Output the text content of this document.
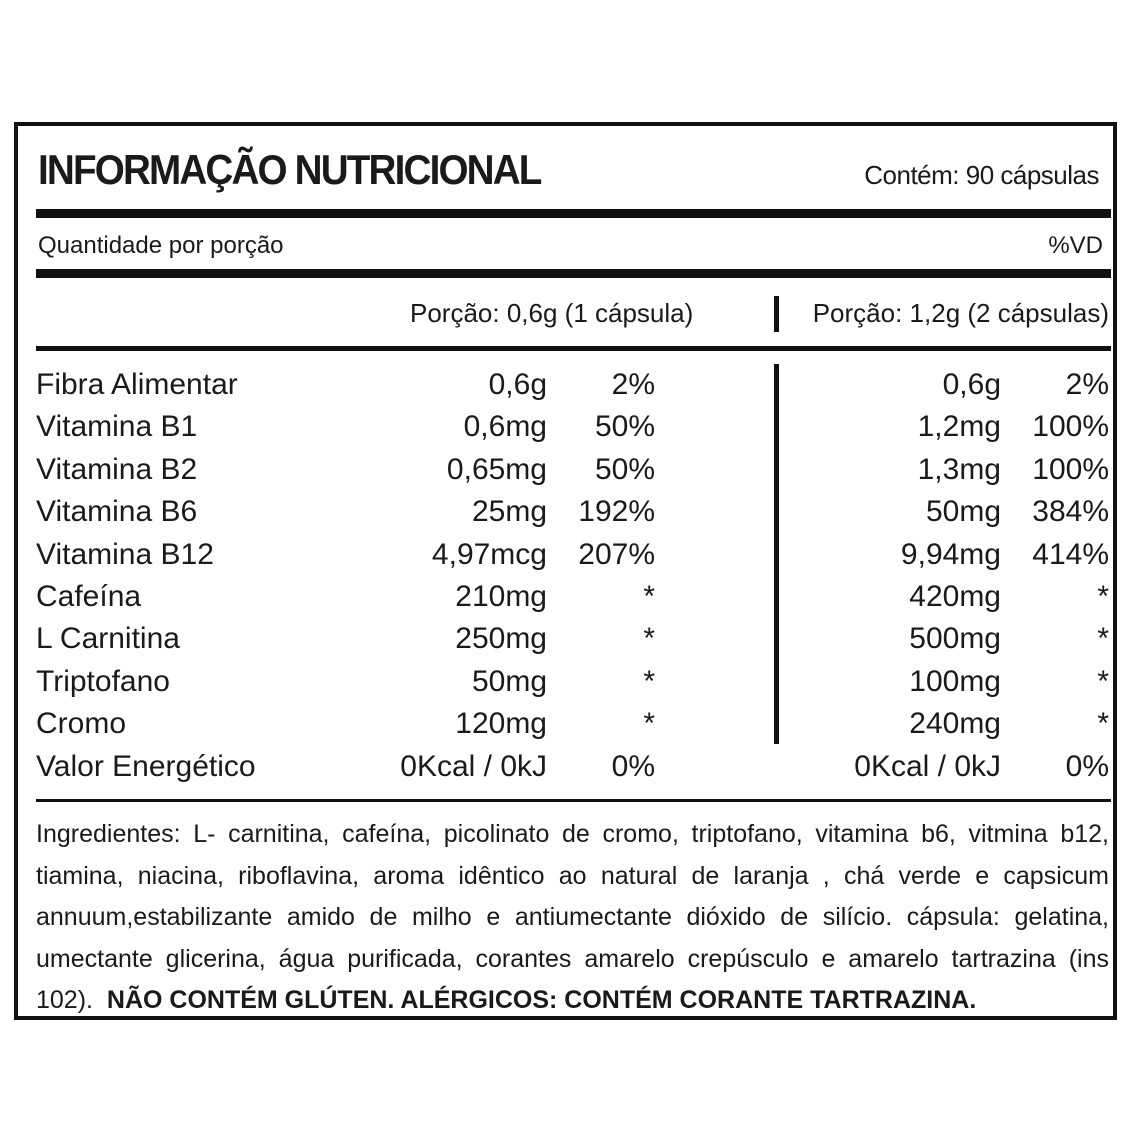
INFORMAÇÃO NUTRICIONAL	Contém: 90 cápsulas
Quantidade por porção	%VD
Porção: 0,6g (1 cápsula)	Porção: 1,2g (2 cápsulas)
Fibra Alimentar	0,6g 2%	0,6g 2%
Vitamina B1	0,6mg 50%	1,2mg 100%
Vitamina B2	0,65mg 50%	1,3mg 100%
Vitamina B6	25mg 192%	50mg 384%
Vitamina B12	4,97mcg 207%	9,94mg 414%
Cafeína	210mg	*	420mg	*
L Carnitina	250mg	*	500mg	*
Triptofano	50mg	*	100mg	*
Cromo	120mg	*	240mg	*
Valor Energético	0Kcal / 0kJ 0%	0Kcal / 0kJ 0%
Ingredientes: L- carnitina, cafeína, picolinato de cromo, triptofano, vitamina b6, vitmina b12, tiamina, niacina, riboflavina, aroma idêntico ao natural de laranja , chá verde e capsicum annuum,estabilizante amido de milho e antiumectante dióxido de silício. cápsula: gelatina, umectante glicerina, água purificada, corantes amarelo crepúsculo e amarelo tartrazina (ins 102). NÃO CONTÉM GLÚTEN. ALÉRGICOS: CONTÉM CORANTE TARTRAZINA.
